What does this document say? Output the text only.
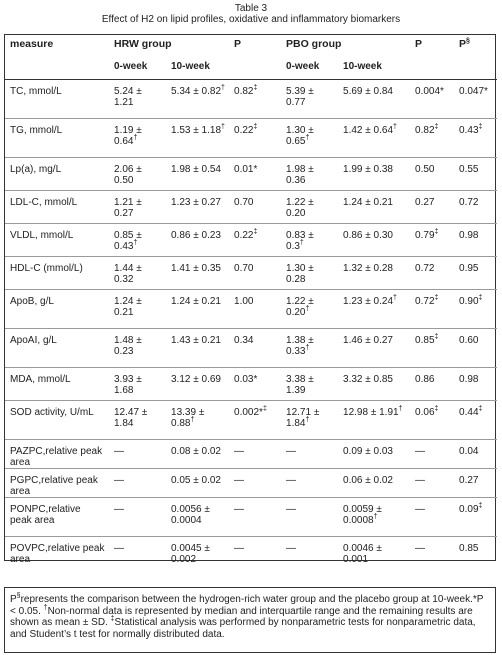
Table 3
Effect of H2 on lipid profiles, oxidative and inflammatory biomarkers
measure	HRW group		P	PBO group		P	P§
	0-week	10-week		0-week	10-week		
TC, mmol/L	5.24 ± 1.21	5.34 ± 0.82†	0.82‡	5.39 ± 0.77	5.69 ± 0.84	0.004*	0.047*
TG, mmol/L	1.19 ± 0.64†	1.53 ± 1.18†	0.22‡	1.30 ± 0.65†	1.42 ± 0.64†	0.82‡	0.43‡
Lp(a), mg/L	2.06 ± 0.50	1.98 ± 0.54	0.01*	1.98 ± 0.36	1.99 ± 0.38	0.50	0.55
LDL-C, mmol/L	1.21 ± 0.27	1.23 ± 0.27	0.70	1.22 ± 0.20	1.24 ± 0.21	0.27	0.72
VLDL, mmol/L	0.85 ± 0.43†	0.86 ± 0.23	0.22‡	0.83 ± 0.3†	0.86 ± 0.30	0.79‡	0.98
HDL-C (mmol/L)	1.44 ± 0.32	1.41 ± 0.35	0.70	1.30 ± 0.28	1.32 ± 0.28	0.72	0.95
ApoB, g/L	1.24 ± 0.21	1.24 ± 0.21	1.00	1.22 ± 0.20†	1.23 ± 0.24†	0.72‡	0.90‡
ApoAⅠ, g/L	1.48 ± 0.23	1.43 ± 0.21	0.34	1.38 ± 0.33†	1.46 ± 0.27	0.85‡	0.60
MDA, mmol/L	3.93 ± 1.68	3.12 ± 0.69	0.03*	3.38 ± 1.39	3.32 ± 0.85	0.86	0.98
SOD activity, U/mL	12.47 ± 1.84	13.39 ± 0.88†	0.002*‡	12.71 ± 1.84†	12.98 ± 1.91†	0.06‡	0.44‡
PAZPC,relative peak area	—	0.08 ± 0.02	—	—	0.09 ± 0.03	—	0.04
PGPC,relative peak area	—	0.05 ± 0.02	—	—	0.06 ± 0.02	—	0.27
PONPC,relative peak area	—	0.0056 ± 0.0004	—	—	0.0059 ± 0.0008†	—	0.09‡
POVPC,relative peak area	—	0.0045 ± 0.002	—	—	0.0046 ± 0.001	—	0.85
P§represents the comparison between the hydrogen-rich water group and the placebo group at 10-week.*P < 0.05. †Non-normal data is represented by median and interquartile range and the remaining results are shown as mean ± SD. ‡Statistical analysis was performed by nonparametric tests for nonparametric data, and Student’s t test for normally distributed data.
